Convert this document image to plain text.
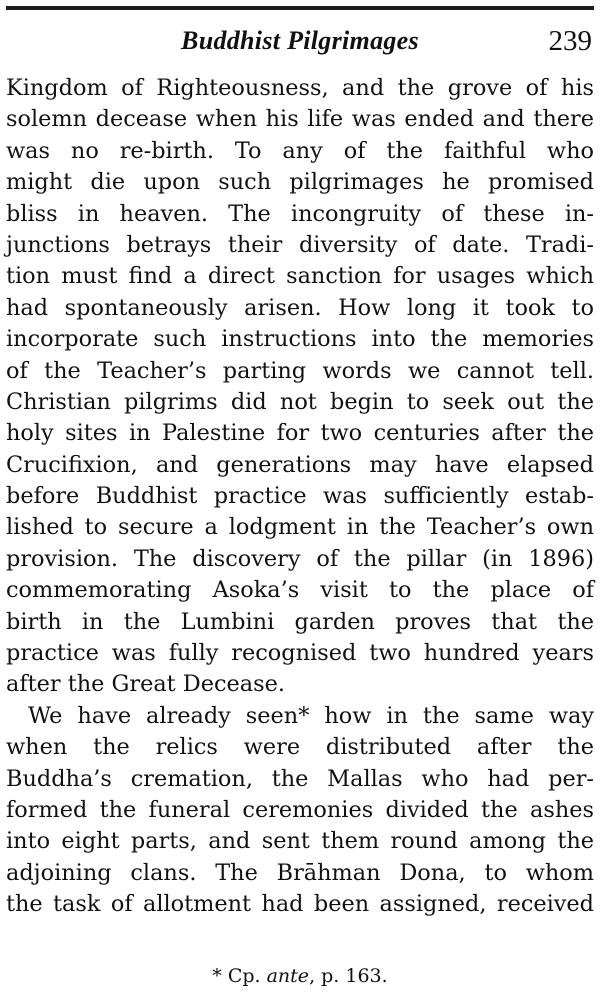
Buddhist Pilgrimages	239
Kingdom of Righteousness, and the grove of his
solemn decease when his life was ended and there
was no re-birth. To any of the faithful who
might die upon such pilgrimages he promised
bliss in heaven. The incongruity of these in-
junctions betrays their diversity of date. Tradi-
tion must find a direct sanction for usages which
had spontaneously arisen. How long it took to
incorporate such instructions into the memories
of the Teacher’s parting words we cannot tell.
Christian pilgrims did not begin to seek out the
holy sites in Palestine for two centuries after the
Crucifixion, and generations may have elapsed
before Buddhist practice was sufficiently estab-
lished to secure a lodgment in the Teacher’s own
provision. The discovery of the pillar (in 1896)
commemorating Asoka’s visit to the place of
birth in the Lumbini garden proves that the
practice was fully recognised two hundred years
after the Great Decease.
We have already seen* how in the same way
when the relics were distributed after the
Buddha’s cremation, the Mallas who had per-
formed the funeral ceremonies divided the ashes
into eight parts, and sent them round among the
adjoining clans. The Brāhman Dona, to whom
the task of allotment had been assigned, received
* Cp. ante, p. 163.
